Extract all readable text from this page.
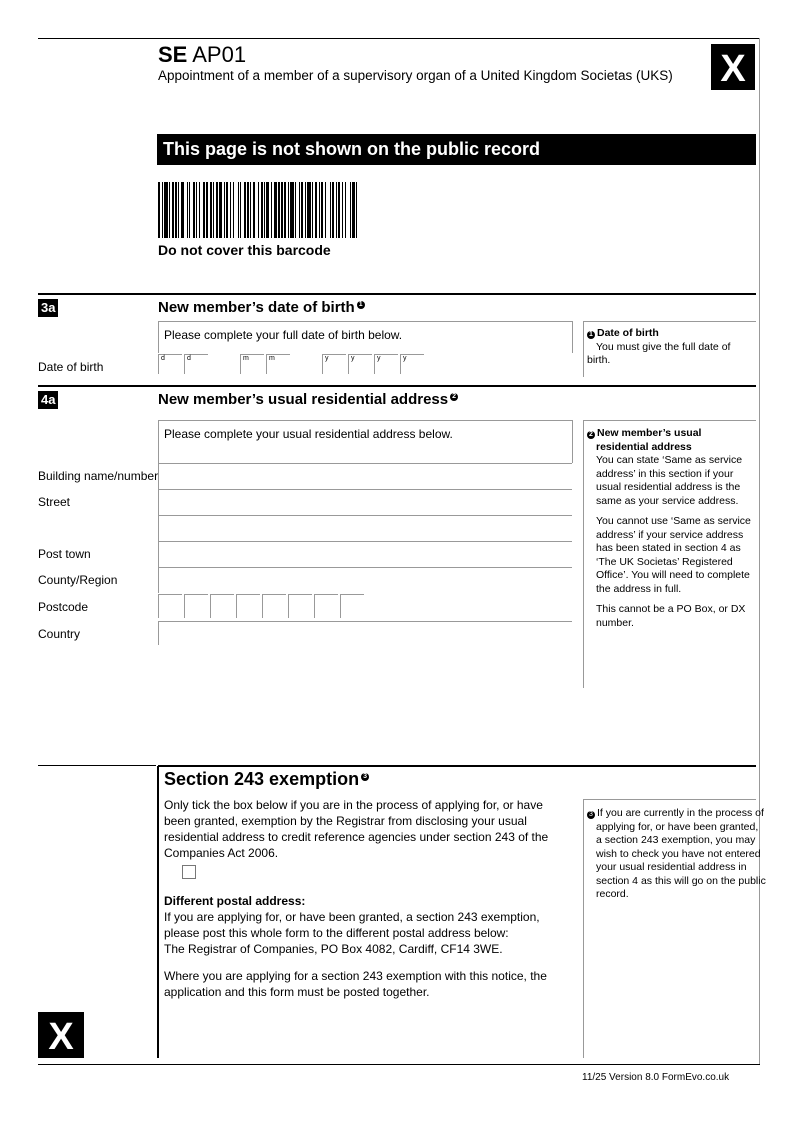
SE AP01
Appointment of a member of a supervisory organ of a United Kingdom Societas (UKS) X
This page is not shown on the public record
Do not cover this barcode
3a	New member’s date of birth 1
Please complete your full date of birth below.
Date of birth
d	d	m	m	y	y	y	y
1 Date of birth
You must give the full date of birth.
4a	New member’s usual residential address 2
Please complete your usual residential address below.
Building name/number
Street
Post town
County/Region
Postcode
Country
2 New member’s usual residential address
You can state ‘Same as service address’ in this section if your usual residential address is the same as your service address.
You cannot use ‘Same as service address’ if your service address has been stated in section 4 as ‘The UK Societas’ Registered Office’. You will need to complete the address in full.
This cannot be a PO Box, or DX number.
Section 243 exemption 3
Only tick the box below if you are in the process of applying for, or have been granted, exemption by the Registrar from disclosing your usual residential address to credit reference agencies under section 243 of the Companies Act 2006.
Different postal address:
If you are applying for, or have been granted, a section 243 exemption, please post this whole form to the different postal address below:
The Registrar of Companies, PO Box 4082, Cardiff, CF14 3WE.
Where you are applying for a section 243 exemption with this notice, the application and this form must be posted together.
3 If you are currently in the process of applying for, or have been granted, a section 243 exemption, you may wish to check you have not entered your usual residential address in section 4 as this will go on the public record.
X
11/25 Version 8.0 FormEvo.co.uk
